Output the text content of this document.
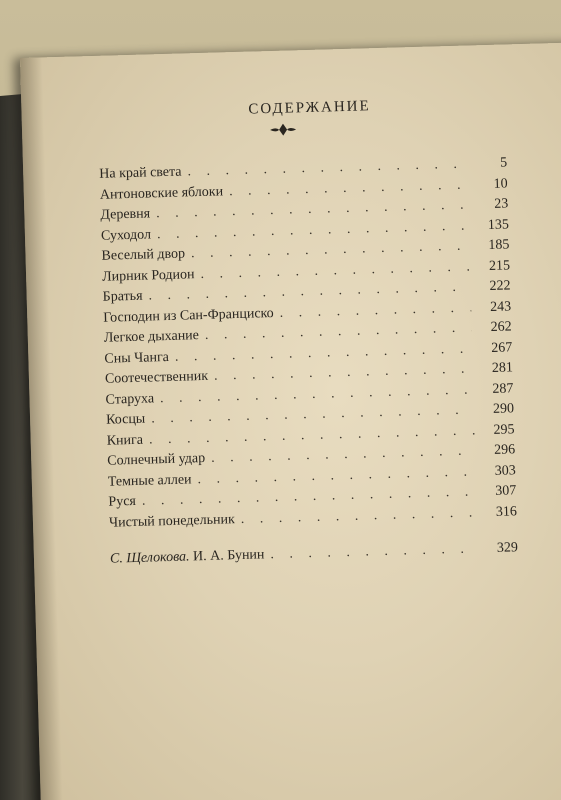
СОДЕРЖАНИЕ
На край света
. . .
5
Антоновские яблоки
. . .
10
Деревня
. . .
23
Суходол
. . .
135
Веселый двор
. . .
185
Лирник Родион
. . .
215
Братья
. . .
222
Господин из Сан-Франциско . . .	243
Легкое дыхание
. . .
262
Сны Чанга
. . .
267
Соотечественник
. . .
281
Старуха
. . .
287
Косцы
. . .
290
Книга
. . .
295
Солнечный удар
. . .
296
Темные аллеи
. . .
303
Руся
. . .
307
Чистый понедельник
. . .
316
С. Щелокова. И. А. Бунин . . .	329
